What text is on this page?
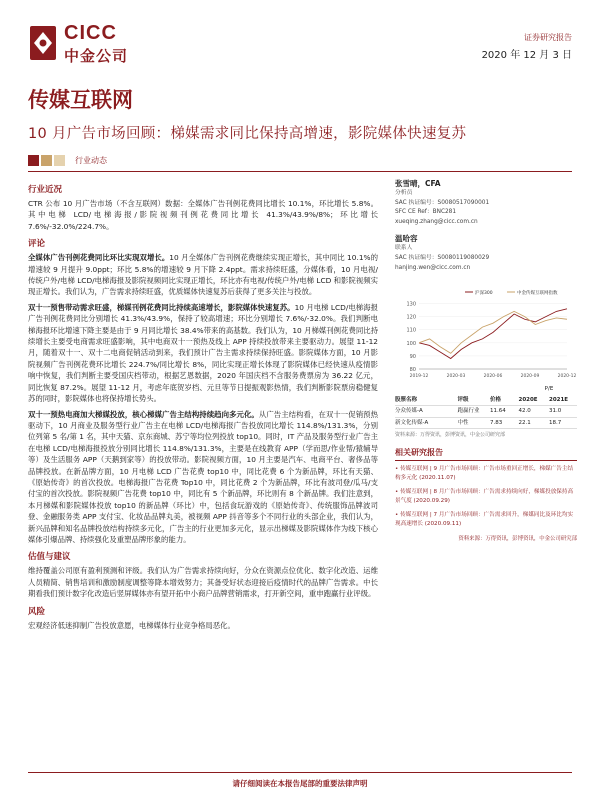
CICC
中金公司
证券研究报告
2020 年 12 月 3 日
传媒互联网
10 月广告市场回顾：梯媒需求同比保持高增速，影院媒体快速复苏
行业动态
行业近况

CTR 公布 10 月广告市场（不含互联网）数据：全媒体广告刊例花费同比增长 10.1%，环比增长 5.8%。其中电梯 LCD/电梯海报/影院视频刊例花费同比增长 41.3%/43.9%/8%；环比增长 7.6%/-32.0%/224.7%。

评论

全媒体广告刊例花费同比环比实现双增长。10 月全媒体广告刊例花费继续实现正增长，其中同比 10.1%的增速较 9 月提升 9.0ppt；环比 5.8%的增速较 9 月下降 2.4ppt。需求持续旺盛，分媒体看，10 月电视/传统户外/电梯 LCD/电梯海报及影院视频同比实现正增长，环比亦有电视/传统户外/电梯 LCD 和影院视频实现正增长。我们认为，广告需求持续旺盛，优质媒体快速复苏后获得了更多关注与投放。

双十一预售带动需求旺盛，梯媒刊例花费同比持续高速增长，影院媒体快速复苏。10 月电梯 LCD/电梯海报广告刊例花费同比分别增长 41.3%/43.9%，保持了较高增速；环比分别增长 7.6%/-32.0%。我们判断电梯海报环比增速下降主要是由于 9 月同比增长 38.4%带来的高基数。我们认为，10 月梯媒刊例花费同比持续增长主要受电商需求旺盛影响，其中电商双十一预热及线上 APP 持续投放带来主要驱动力。展望 11-12 月，随着双十一、双十二电商促销活动到来，我们预计广告主需求持续保持旺盛。影院媒体方面，10 月影院视频广告刊例花费环比增长 224.7%/同比增长 8%，同比实现正增长体现了影院媒体已经快速从疫情影响中恢复，我们判断主要受国庆档带动，根据艺恩数据，2020 年国庆档不含服务费票房为 36.22 亿元，同比恢复 87.2%。展望 11-12 月，考虑年底贺岁档、元旦等节日提振观影热情，我们判断影院票房稳健复苏的同时，影院媒体也将保持增长势头。

双十一预热电商加大梯媒投放，核心梯媒广告主结构持续趋向多元化。从广告主结构看，在双十一促销预热驱动下，10 月商业及服务型行业广告主在电梯 LCD/电梯海报广告投放同比增长 114.8%/131.3%，分别位列第 5 名/第 1 名，其中天猫、京东商城、苏宁等均位列投放 top10。同时，IT 产品及服务型行业广告主在电梯 LCD/电梯海报投放分别同比增长 114.8%/131.3%，主要是在线教育 APP（学而思/作业帮/猿辅导等）及生活服务 APP（天鹅到家等）的投放带动。影院视频方面，10 月主要是汽车、电商平台、奢侈品等品牌投放。在新品牌方面，10 月电梯 LCD 广告花费 top10 中，同比花费 6 个为新品牌，环比有天猫、《原始传奇》的首次投放。电梯海报广告花费 Top10 中，同比花费 2 个为新品牌，环比有波司登/瓜马/支付宝的首次投放。影院视频广告花费 top10 中，同比有 5 个新品牌，环比则有 8 个新品牌。我们注意到，本月梯媒和影院媒体投放 top10 的新品牌（环比）中，包括食玩游戏的《原始传奇》、传统服饰品牌波司登、金融服务类 APP 支付宝、化妆品品牌丸美，被视频 APP 抖音等多个不同行业的头部企业，我们认为，新兴品牌和知名品牌投放结构持续多元化，广告主的行业更加多元化，显示出梯媒及影院媒体作为线下核心媒体引爆品牌、持续强化及重塑品牌形象的能力。

估值与建议

维持覆盖公司原有盈利预测和评级。我们认为广告需求持续向好，分众在资源点位优化、数字化改造、运维人员精简、销售培训和激励制度调整等降本增效努力；其备受好状态迎接后疫情时代的品牌广告需求。中长期看我们预计数字化改造后竖屏媒体亦有望开拓中小商户品牌营销需求，打开新空间，重申跑赢行业评级。

风险

宏观经济低迷抑制广告投放意愿，电梯媒体行业竞争格局恶化。

张雪晴，CFA
分析员
SAC 执证编号：S0080517090001
SFC CE Ref：BNC281
xueqing.zhang@cicc.com.cn
温哈容
联系人
SAC 执证编号：S0080119080029
hanjing.wen@cicc.com.cn
130
120
110
100
90
80
2019-12	2020-03	2020-06	2020-09	2020-12
沪深300	中金传媒互联网指数
P/E
股票名称	评级	价格	2020E	2021E
分众传媒-A	跑赢行业	11.64	42.0	31.0
新文化传媒-A	中性	7.83	22.1	18.7
资料来源：万得资讯，彭博资讯，中金公司研究部
相关研究报告
• 传媒互联网 | 9 月广告市场回顾：广告市场重回正增长，梯媒广告主结构多元化 (2020.11.07)
• 传媒互联网 | 8 月广告市场回顾：广告需求持续向好，梯媒投放保持高景气度 (2020.09.29)
• 传媒互联网 | 7 月广告市场回顾：广告需求回升，梯媒同比及环比均实现高速增长 (2020.09.11)
资料来源：万得资讯，彭博资讯，中金公司研究部
请仔细阅读在本报告尾部的重要法律声明
